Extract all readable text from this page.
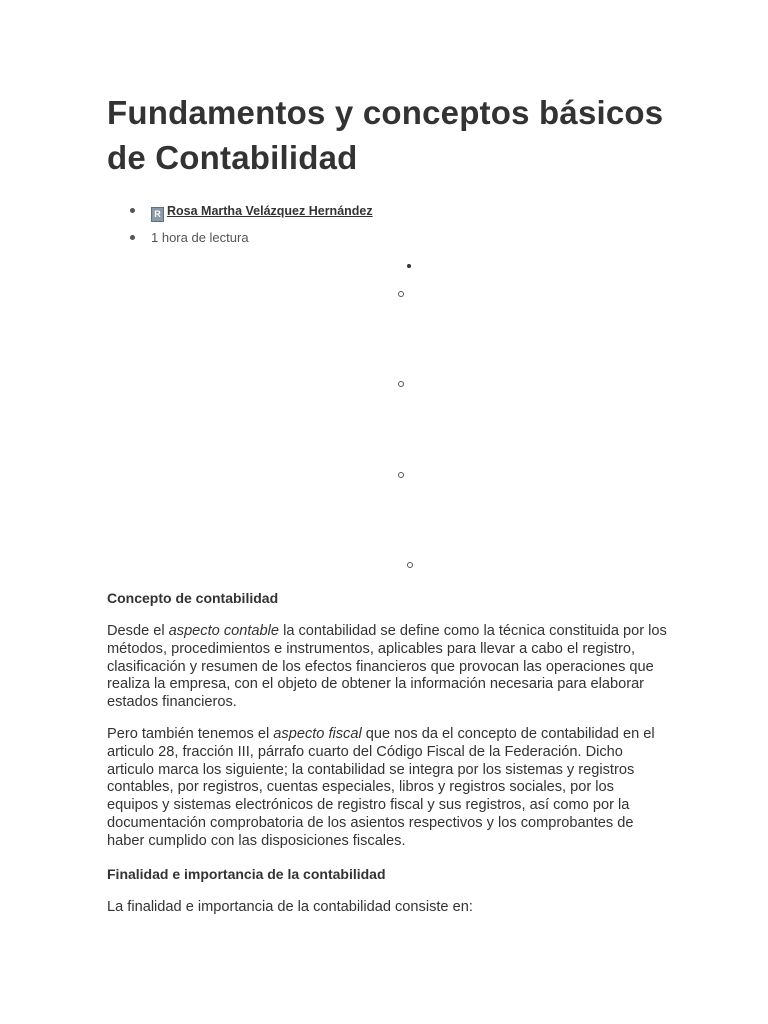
Fundamentos y conceptos básicos de Contabilidad
R Rosa Martha Velázquez Hernández
1 hora de lectura
Concepto de contabilidad

Desde el aspecto contable la contabilidad se define como la técnica constituida por los métodos, procedimientos e instrumentos, aplicables para llevar a cabo el registro, clasificación y resumen de los efectos financieros que provocan las operaciones que realiza la empresa, con el objeto de obtener la información necesaria para elaborar estados financieros.

Pero también tenemos el aspecto fiscal que nos da el concepto de contabilidad en el articulo 28, fracción III, párrafo cuarto del Código Fiscal de la Federación. Dicho articulo marca los siguiente; la contabilidad se integra por los sistemas y registros contables, por registros, cuentas especiales, libros y registros sociales, por los equipos y sistemas electrónicos de registro fiscal y sus registros, así como por la documentación comprobatoria de los asientos respectivos y los comprobantes de haber cumplido con las disposiciones fiscales.

Finalidad e importancia de la contabilidad

La finalidad e importancia de la contabilidad consiste en:
